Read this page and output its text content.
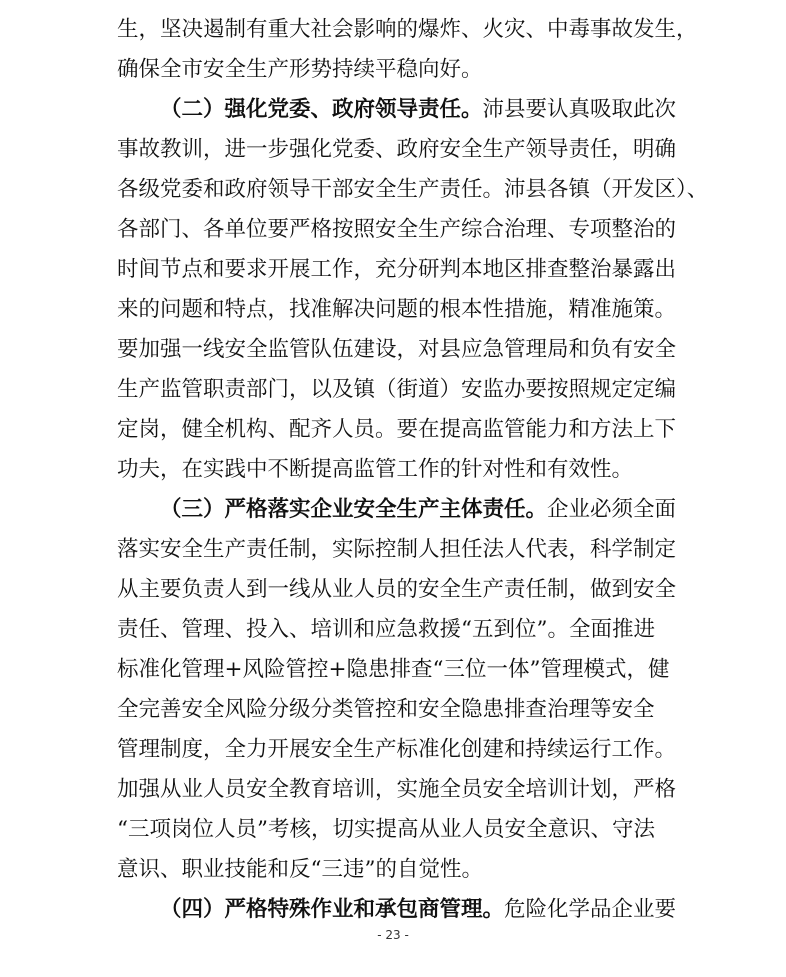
生，坚决遏制有重大社会影响的爆炸、火灾、中毒事故发生，
确保全市安全生产形势持续平稳向好。
（二）强化党委、政府领导责任。沛县要认真吸取此次
事故教训，进一步强化党委、政府安全生产领导责任，明确
各级党委和政府领导干部安全生产责任。沛县各镇（开发区）、
各部门、各单位要严格按照安全生产综合治理、专项整治的
时间节点和要求开展工作，充分研判本地区排查整治暴露出
来的问题和特点，找准解决问题的根本性措施，精准施策。
要加强一线安全监管队伍建设，对县应急管理局和负有安全
生产监管职责部门，以及镇（街道）安监办要按照规定定编
定岗，健全机构、配齐人员。要在提高监管能力和方法上下
功夫，在实践中不断提高监管工作的针对性和有效性。
（三）严格落实企业安全生产主体责任。企业必须全面
落实安全生产责任制，实际控制人担任法人代表，科学制定
从主要负责人到一线从业人员的安全生产责任制，做到安全
责任、管理、投入、培训和应急救援“五到位”。全面推进
标准化管理+风险管控+隐患排查“三位一体”管理模式，健
全完善安全风险分级分类管控和安全隐患排查治理等安全
管理制度，全力开展安全生产标准化创建和持续运行工作。
加强从业人员安全教育培训，实施全员安全培训计划，严格
“三项岗位人员”考核，切实提高从业人员安全意识、守法
意识、职业技能和反“三违”的自觉性。
（四）严格特殊作业和承包商管理。危险化学品企业要
- 23 -
